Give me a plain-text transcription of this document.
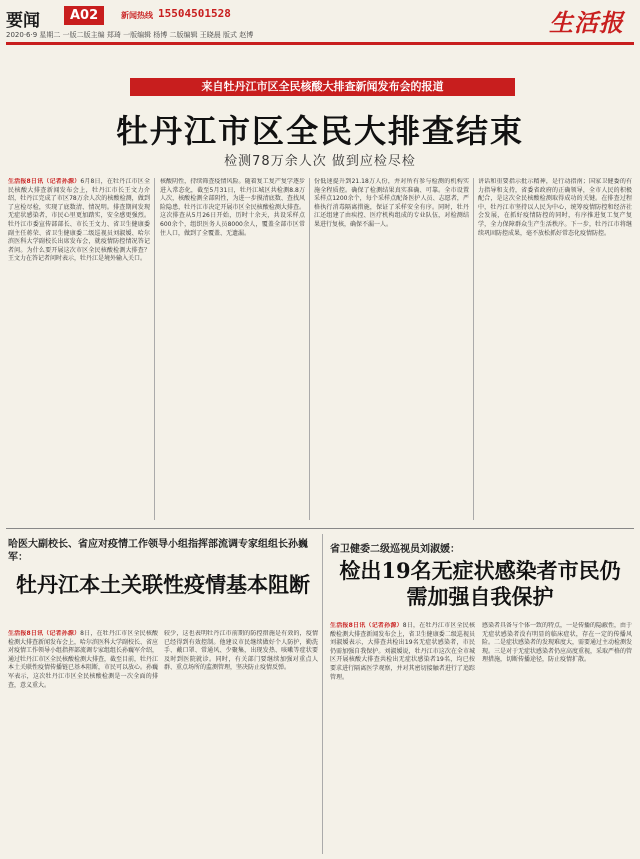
要闻	A02	新闻热线 15504501528	生活报
2020·6·9 星期二 一版二版主编 郑琦 一版编辑 杨博 二版编辑 王晓晨 版式 赵博
来自牡丹江市区全民核酸大排查新闻发布会的报道
牡丹江市区全民大排查结束
检测78万余人次 做到应检尽检
生活报8日讯（记者孙源）6月8日，在牡丹江市区全民核酸大排查新闻发布会上，牡丹江市长王文力介绍，牡丹江完成了市区78万余人次的核酸检测，做到了应检尽检，实现了底数清、情况明。排查期间发现无症状感染者，市民心里更加踏实，安全感更强烈。牡丹江市委宣传部部长、市长王文力、省卫生健康委副主任蒋荣、省卫生健康委二级巡视员刘淑媛、哈尔滨医科大学副校长出席发布会，就疫情防控情况答记者问。为什么要开展这次市区全民核酸检测大排查？王文力在答记者问时表示，牡丹江是境外输入关口。
核酸阴性，持续筛查疫情风险。随着复工复产复学逐步进入常态化，截至5月31日，牡丹江城区共检测8.8万人次，核酸检测全部阴性，为进一步摸清底数、查找风险隐患，牡丹江市决定开展市区全民核酸检测大排查。这次排查从5月26日开始，历时十余天，共设采样点600余个，组织医务人员8000余人，覆盖全部市区常住人口，做到了全覆盖、无遗漏。
份低速提升到21.18万人份，并对所有参与检测的机构实施全程质控。确保了检测结果真实准确、可靠。全市设置采样点1200余个，每个采样点配备医护人员、志愿者，严格执行消毒隔离措施，保证了采样安全有序。同时，牡丹江还组建了由疾控、医疗机构组成的专业队伍，对检测结果进行复核，确保不漏一人。
讲话和重要指示批示精神，是行动指南；国家卫健委的有力指导和支持，省委省政府的正确领导，全市人民的积极配合，是这次全民核酸检测取得成功的关键。在排查过程中，牡丹江市坚持以人民为中心，统筹疫情防控和经济社会发展，在抓好疫情防控的同时，有序推进复工复产复学，全力保障群众生产生活秩序。下一步，牡丹江市将继续巩固防控成果，毫不放松抓好常态化疫情防控。
哈医大副校长、省应对疫情工作领导小组指挥部流调专家组组长孙巍军：
牡丹江本土关联性疫情基本阻断
生活报8日讯（记者孙源）8日，在牡丹江市区全民核酸检测大排查新闻发布会上，哈尔滨医科大学副校长、省应对疫情工作领导小组指挥部流调专家组组长孙巍军介绍，通过牡丹江市区全民核酸检测大排查，截至目前，牡丹江本土关联性疫情传播链已基本阻断，市民可以放心。孙巍军表示，这次牡丹江市区全民核酸检测是一次全面的排查，意义重大。
较少，这也表明牡丹江市前期的防控措施是有效的，疫情已经得到有效控制。他建议市民继续做好个人防护，勤洗手、戴口罩、常通风、少聚集，出现发热、咳嗽等症状要及时到医院就诊。同时，有关部门要继续加强对重点人群、重点场所的监测管理，坚决防止疫情反弹。
省卫健委二级巡视员刘淑媛：
检出19名无症状感染者市民仍需加强自我保护
生活报8日讯（记者孙源）8日，在牡丹江市区全民核酸检测大排查新闻发布会上，省卫生健康委二级巡视员刘淑媛表示，大排查共检出19名无症状感染者，市民仍需加强自我保护。刘淑媛说，牡丹江市这次在全市城区开展核酸大排查共检出无症状感染者19名，均已按要求进行隔离医学观察，并对其密切接触者进行了追踪管理。
感染者具备与个体一致的特点，一是传播的隐蔽性，由于无症状感染者没有明显的临床症状，存在一定的传播风险。二是症状感染者的发现难度大，需要通过主动检测发现。三是对于无症状感染者仍应高度重视，采取严格的管理措施，切断传播途径，防止疫情扩散。
